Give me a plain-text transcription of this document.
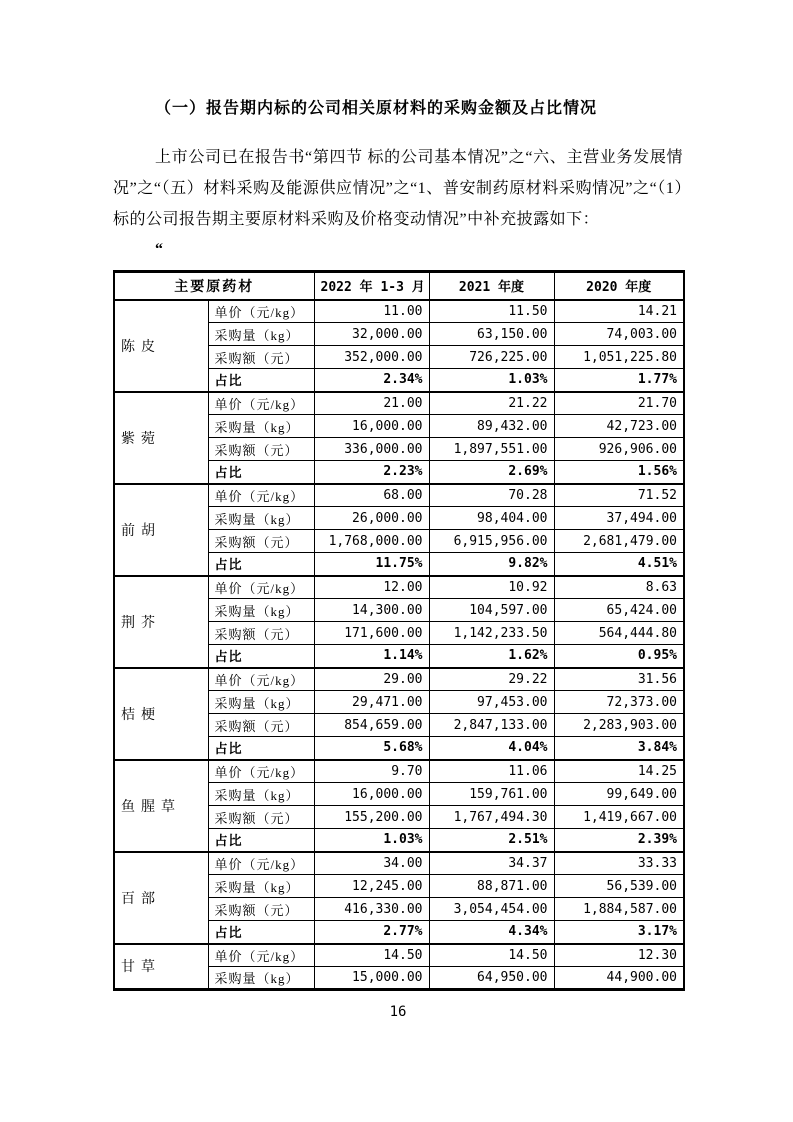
（一）报告期内标的公司相关原材料的采购金额及占比情况

上市公司已在报告书“第四节 标的公司基本情况”之“六、主营业务发展情况”之“（五）材料采购及能源供应情况”之“1、普安制药原材料采购情况”之“（1）标的公司报告期主要原材料采购及价格变动情况”中补充披露如下：

“
主要原药材		2022 年 1-3 月	2021 年度	2020 年度
陈皮	单价（元/kg）	11.00	11.50	14.21
	采购量（kg）	32,000.00	63,150.00	74,003.00
	采购额（元）	352,000.00	726,225.00	1,051,225.80
	占比	2.34%	1.03%	1.77%
紫菀	单价（元/kg）	21.00	21.22	21.70
	采购量（kg）	16,000.00	89,432.00	42,723.00
	采购额（元）	336,000.00	1,897,551.00	926,906.00
	占比	2.23%	2.69%	1.56%
前胡	单价（元/kg）	68.00	70.28	71.52
	采购量（kg）	26,000.00	98,404.00	37,494.00
	采购额（元）	1,768,000.00	6,915,956.00	2,681,479.00
	占比	11.75%	9.82%	4.51%
荆芥	单价（元/kg）	12.00	10.92	8.63
	采购量（kg）	14,300.00	104,597.00	65,424.00
	采购额（元）	171,600.00	1,142,233.50	564,444.80
	占比	1.14%	1.62%	0.95%
桔梗	单价（元/kg）	29.00	29.22	31.56
	采购量（kg）	29,471.00	97,453.00	72,373.00
	采购额（元）	854,659.00	2,847,133.00	2,283,903.00
	占比	5.68%	4.04%	3.84%
鱼腥草	单价（元/kg）	9.70	11.06	14.25
	采购量（kg）	16,000.00	159,761.00	99,649.00
	采购额（元）	155,200.00	1,767,494.30	1,419,667.00
	占比	1.03%	2.51%	2.39%
百部	单价（元/kg）	34.00	34.37	33.33
	采购量（kg）	12,245.00	88,871.00	56,539.00
	采购额（元）	416,330.00	3,054,454.00	1,884,587.00
	占比	2.77%	4.34%	3.17%
甘草	单价（元/kg）	14.50	14.50	12.30
	采购量（kg）	15,000.00	64,950.00	44,900.00
16
